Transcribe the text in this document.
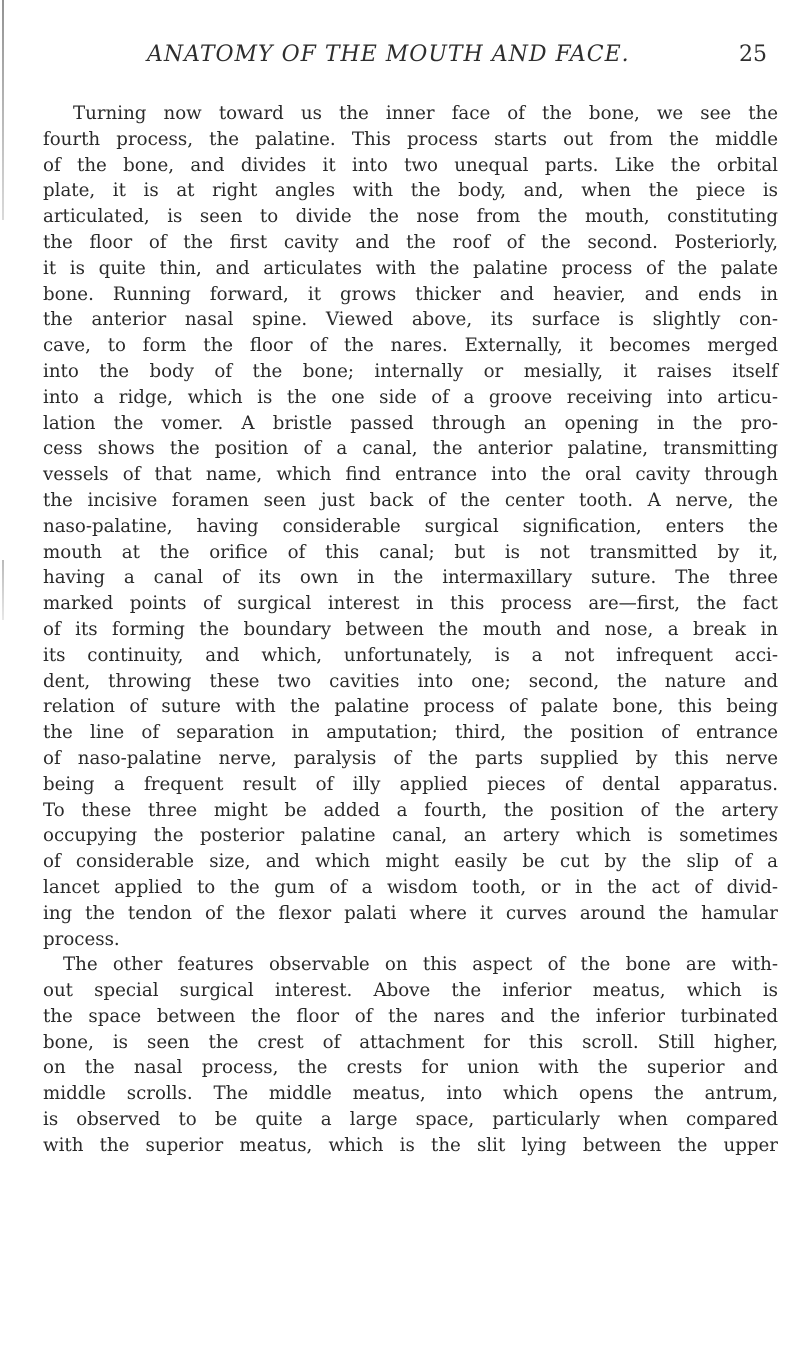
ANATOMY OF THE MOUTH AND FACE.	25
Turning now toward us the inner face of the bone, we see the
fourth process, the palatine. This process starts out from the middle
of the bone, and divides it into two unequal parts. Like the orbital
plate, it is at right angles with the body, and, when the piece is
articulated, is seen to divide the nose from the mouth, constituting
the floor of the first cavity and the roof of the second. Posteriorly,
it is quite thin, and articulates with the palatine process of the palate
bone. Running forward, it grows thicker and heavier, and ends in
the anterior nasal spine. Viewed above, its surface is slightly con-
cave, to form the floor of the nares. Externally, it becomes merged
into the body of the bone; internally or mesially, it raises itself
into a ridge, which is the one side of a groove receiving into articu-
lation the vomer. A bristle passed through an opening in the pro-
cess shows the position of a canal, the anterior palatine, transmitting
vessels of that name, which find entrance into the oral cavity through
the incisive foramen seen just back of the center tooth. A nerve, the
naso-palatine, having considerable surgical signification, enters the
mouth at the orifice of this canal; but is not transmitted by it,
having a canal of its own in the intermaxillary suture. The three
marked points of surgical interest in this process are—first, the fact
of its forming the boundary between the mouth and nose, a break in
its continuity, and which, unfortunately, is a not infrequent acci-
dent, throwing these two cavities into one; second, the nature and
relation of suture with the palatine process of palate bone, this being
the line of separation in amputation; third, the position of entrance
of naso-palatine nerve, paralysis of the parts supplied by this nerve
being a frequent result of illy applied pieces of dental apparatus.
To these three might be added a fourth, the position of the artery
occupying the posterior palatine canal, an artery which is sometimes
of considerable size, and which might easily be cut by the slip of a
lancet applied to the gum of a wisdom tooth, or in the act of divid-
ing the tendon of the flexor palati where it curves around the hamular
process.
The other features observable on this aspect of the bone are with-
out special surgical interest. Above the inferior meatus, which is
the space between the floor of the nares and the inferior turbinated
bone, is seen the crest of attachment for this scroll. Still higher,
on the nasal process, the crests for union with the superior and
middle scrolls. The middle meatus, into which opens the antrum,
is observed to be quite a large space, particularly when compared
with the superior meatus, which is the slit lying between the upper
